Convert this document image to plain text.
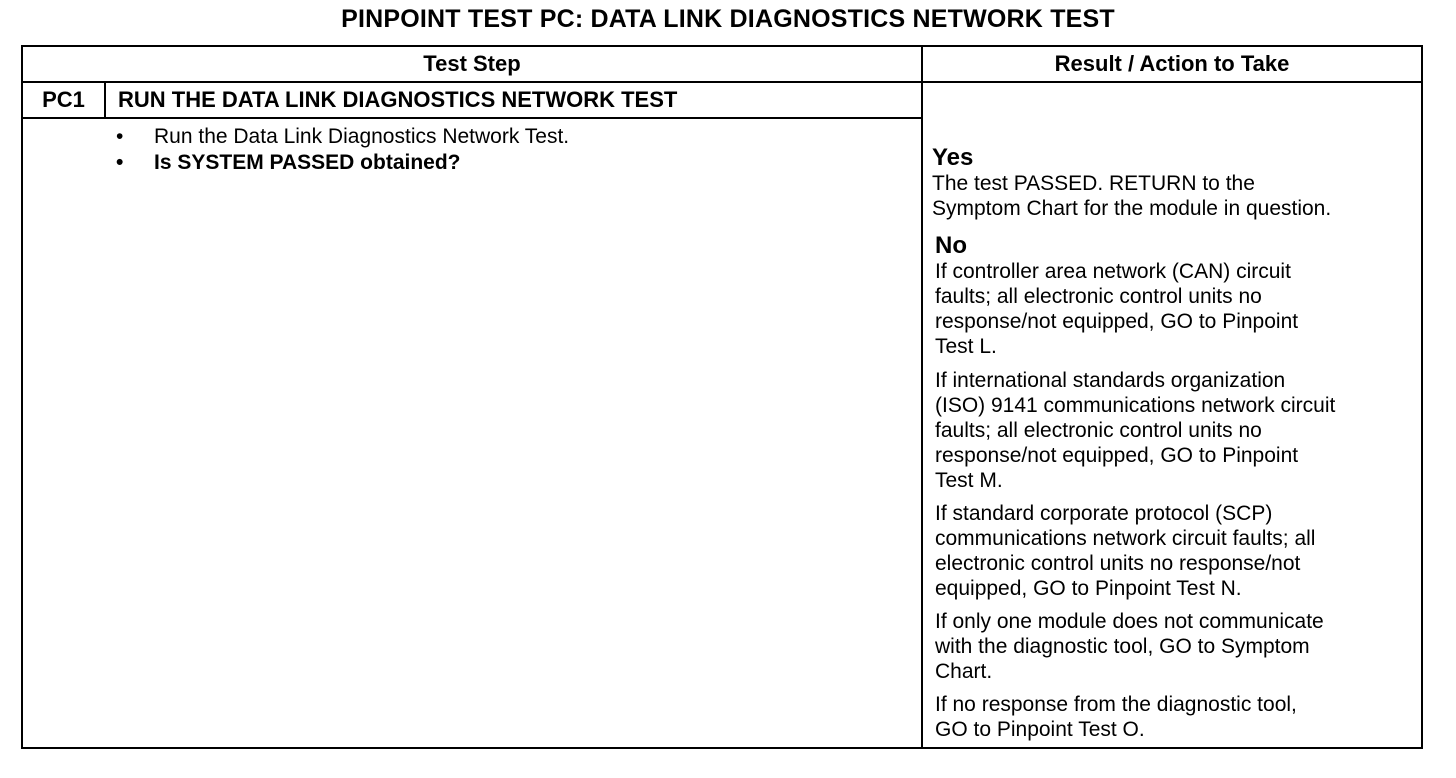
PINPOINT TEST PC: DATA LINK DIAGNOSTICS NETWORK TEST
Test Step	Result / Action to Take
PC1	RUN THE DATA LINK DIAGNOSTICS NETWORK TEST
• Run the Data Link Diagnostics Network Test.
• Is SYSTEM PASSED obtained?	Yes
The test PASSED. RETURN to the
Symptom Chart for the module in question.
No
If controller area network (CAN) circuit
faults; all electronic control units no
response/not equipped, GO to Pinpoint
Test L.
If international standards organization
(ISO) 9141 communications network circuit
faults; all electronic control units no
response/not equipped, GO to Pinpoint
Test M.
If standard corporate protocol (SCP)
communications network circuit faults; all
electronic control units no response/not
equipped, GO to Pinpoint Test N.
If only one module does not communicate
with the diagnostic tool, GO to Symptom
Chart.
If no response from the diagnostic tool,
GO to Pinpoint Test O.
